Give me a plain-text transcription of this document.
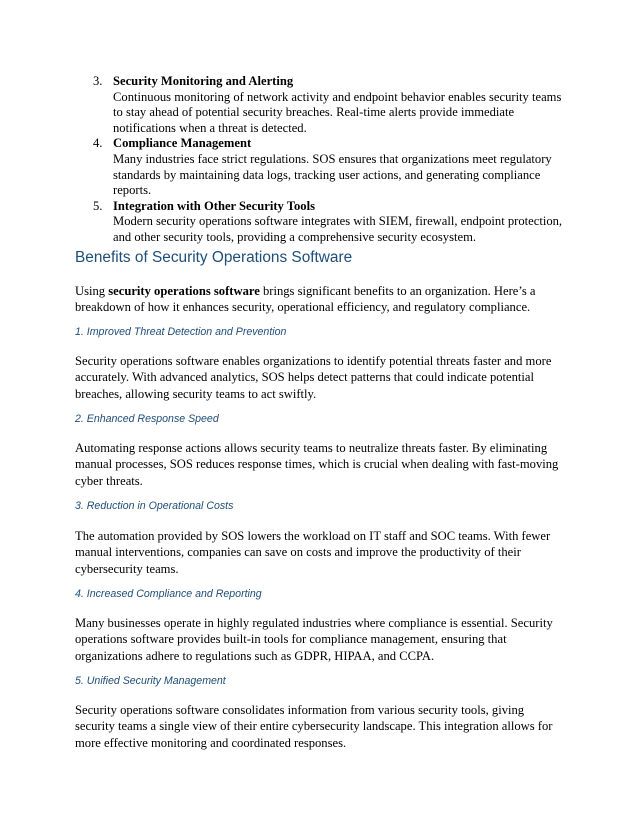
3. Security Monitoring and Alerting
Continuous monitoring of network activity and endpoint behavior enables security teams
to stay ahead of potential security breaches. Real-time alerts provide immediate
notifications when a threat is detected.
4. Compliance Management
Many industries face strict regulations. SOS ensures that organizations meet regulatory
standards by maintaining data logs, tracking user actions, and generating compliance
reports.
5. Integration with Other Security Tools
Modern security operations software integrates with SIEM, firewall, endpoint protection,
and other security tools, providing a comprehensive security ecosystem.
Benefits of Security Operations Software

Using security operations software brings significant benefits to an organization. Here’s a
breakdown of how it enhances security, operational efficiency, and regulatory compliance.

1. Improved Threat Detection and Prevention

Security operations software enables organizations to identify potential threats faster and more
accurately. With advanced analytics, SOS helps detect patterns that could indicate potential
breaches, allowing security teams to act swiftly.

2. Enhanced Response Speed

Automating response actions allows security teams to neutralize threats faster. By eliminating
manual processes, SOS reduces response times, which is crucial when dealing with fast-moving
cyber threats.

3. Reduction in Operational Costs

The automation provided by SOS lowers the workload on IT staff and SOC teams. With fewer
manual interventions, companies can save on costs and improve the productivity of their
cybersecurity teams.

4. Increased Compliance and Reporting

Many businesses operate in highly regulated industries where compliance is essential. Security
operations software provides built-in tools for compliance management, ensuring that
organizations adhere to regulations such as GDPR, HIPAA, and CCPA.

5. Unified Security Management

Security operations software consolidates information from various security tools, giving
security teams a single view of their entire cybersecurity landscape. This integration allows for
more effective monitoring and coordinated responses.
